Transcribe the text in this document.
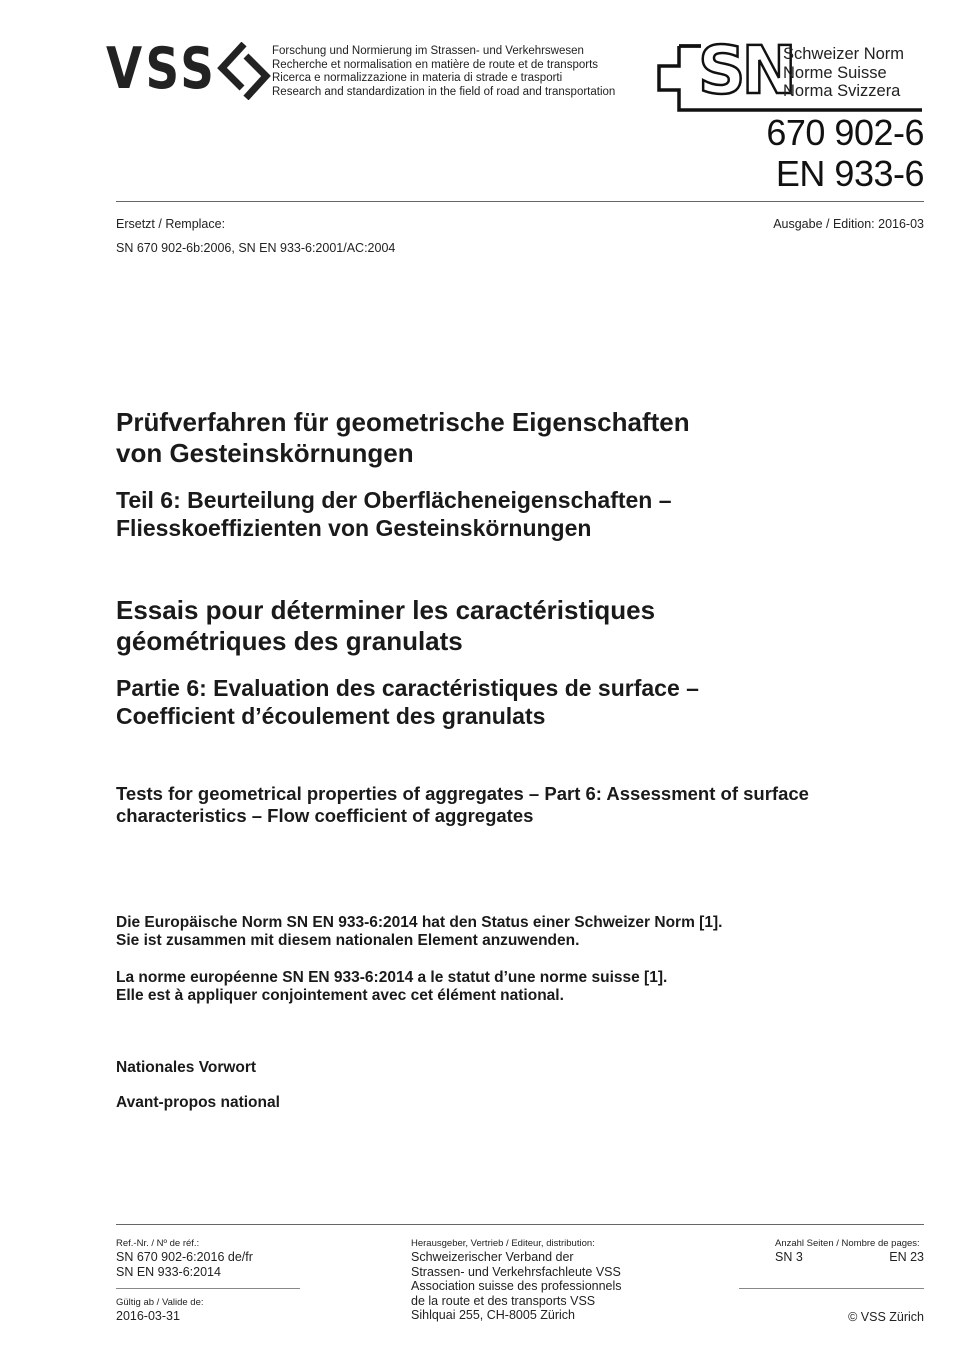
VSS	Forschung und Normierung im Strassen- und Verkehrswesen
Recherche et normalisation en matière de route et de transports
Ricerca e normalizzazione in materia di strade e trasporti
Research and standardization in the field of road and transportation	SN
Schweizer Norm
Norme Suisse
Norma Svizzera
670 902-6
EN 933-6
Ersetzt / Remplace:
SN 670 902-6b:2006, SN EN 933-6:2001/AC:2004
Ausgabe / Edition: 2016-03
Prüfverfahren für geometrische Eigenschaften
von Gesteinskörnungen
Teil 6: Beurteilung der Oberflächeneigenschaften –
Fliesskoeffizienten von Gesteinskörnungen
Essais pour déterminer les caractéristiques
géométriques des granulats
Partie 6: Evaluation des caractéristiques de surface –
Coefficient d’écoulement des granulats
Tests for geometrical properties of aggregates – Part 6: Assessment of surface
characteristics – Flow coefficient of aggregates
Die Europäische Norm SN EN 933-6:2014 hat den Status einer Schweizer Norm [1].
Sie ist zusammen mit diesem nationalen Element anzuwenden.
La norme européenne SN EN 933-6:2014 a le statut d’une norme suisse [1].
Elle est à appliquer conjointement avec cet élément national.
Nationales Vorwort
Avant-propos national
Ref.-Nr. / Nº de réf.:
SN 670 902-6:2016 de/fr
SN EN 933-6:2014
Gültig ab / Valide de:
2016-03-31
Herausgeber, Vertrieb / Editeur, distribution:
Schweizerischer Verband der
Strassen- und Verkehrsfachleute VSS
Association suisse des professionnels
de la route et des transports VSS
Sihlquai 255, CH-8005 Zürich
Anzahl Seiten / Nombre de pages:
SN 3	EN 23
© VSS Zürich
